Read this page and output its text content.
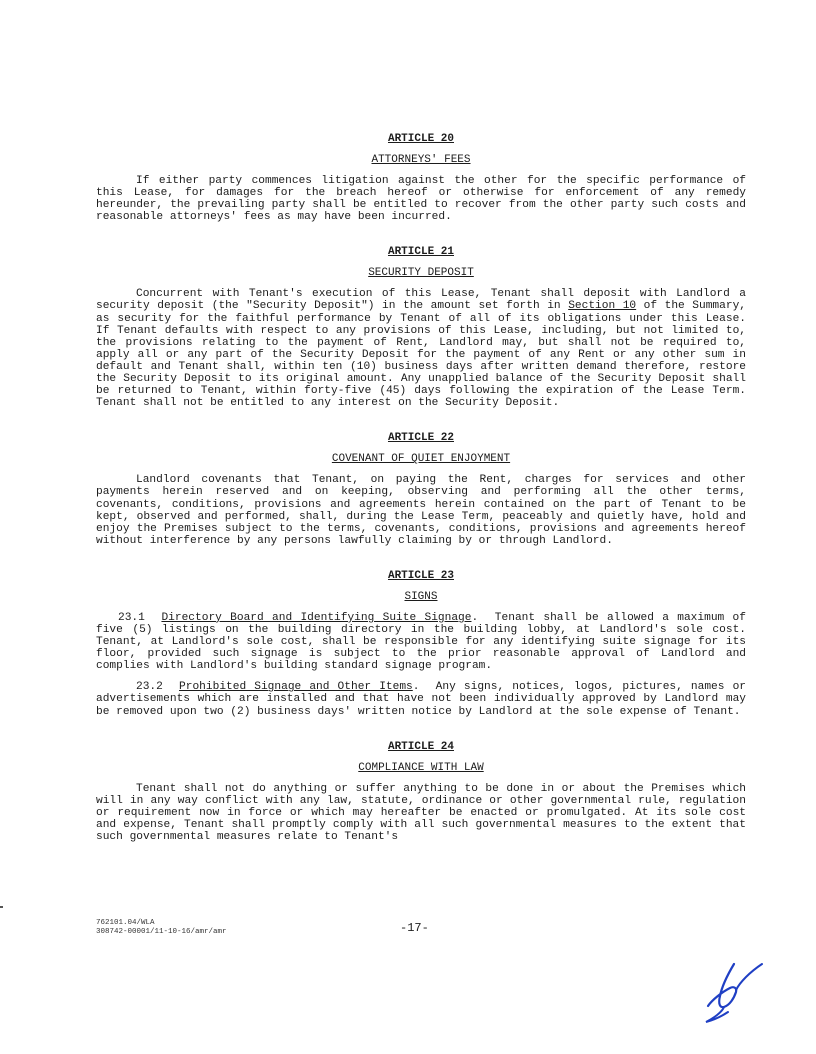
ARTICLE 20

ATTORNEYS' FEES

If either party commences litigation against the other for the specific performance of this Lease, for damages for the breach hereof or otherwise for enforcement of any remedy hereunder, the prevailing party shall be entitled to recover from the other party such costs and reasonable attorneys' fees as may have been incurred.

ARTICLE 21

SECURITY DEPOSIT

Concurrent with Tenant's execution of this Lease, Tenant shall deposit with Landlord a security deposit (the "Security Deposit") in the amount set forth in Section 10 of the Summary, as security for the faithful performance by Tenant of all of its obligations under this Lease. If Tenant defaults with respect to any provisions of this Lease, including, but not limited to, the provisions relating to the payment of Rent, Landlord may, but shall not be required to, apply all or any part of the Security Deposit for the payment of any Rent or any other sum in default and Tenant shall, within ten (10) business days after written demand therefore, restore the Security Deposit to its original amount. Any unapplied balance of the Security Deposit shall be returned to Tenant, within forty-five (45) days following the expiration of the Lease Term. Tenant shall not be entitled to any interest on the Security Deposit.

ARTICLE 22

COVENANT OF QUIET ENJOYMENT

Landlord covenants that Tenant, on paying the Rent, charges for services and other payments herein reserved and on keeping, observing and performing all the other terms, covenants, conditions, provisions and agreements herein contained on the part of Tenant to be kept, observed and performed, shall, during the Lease Term, peaceably and quietly have, hold and enjoy the Premises subject to the terms, covenants, conditions, provisions and agreements hereof without interference by any persons lawfully claiming by or through Landlord.

ARTICLE 23

SIGNS

23.1 Directory Board and Identifying Suite Signage.  Tenant shall be allowed a maximum of five (5) listings on the building directory in the building lobby, at Landlord's sole cost. Tenant, at Landlord's sole cost, shall be responsible for any identifying suite signage for its floor, provided such signage is subject to the prior reasonable approval of Landlord and complies with Landlord's building standard signage program.

23.2 Prohibited Signage and Other Items.  Any signs, notices, logos, pictures, names or advertisements which are installed and that have not been individually approved by Landlord may be removed upon two (2) business days' written notice by Landlord at the sole expense of Tenant.

ARTICLE 24

COMPLIANCE WITH LAW

Tenant shall not do anything or suffer anything to be done in or about the Premises which will in any way conflict with any law, statute, ordinance or other governmental rule, regulation or requirement now in force or which may hereafter be enacted or promulgated. At its sole cost and expense, Tenant shall promptly comply with all such governmental measures to the extent that such governmental measures relate to Tenant's

762101.04/WLA
308742-00001/11-10-16/amr/amr	-17-
